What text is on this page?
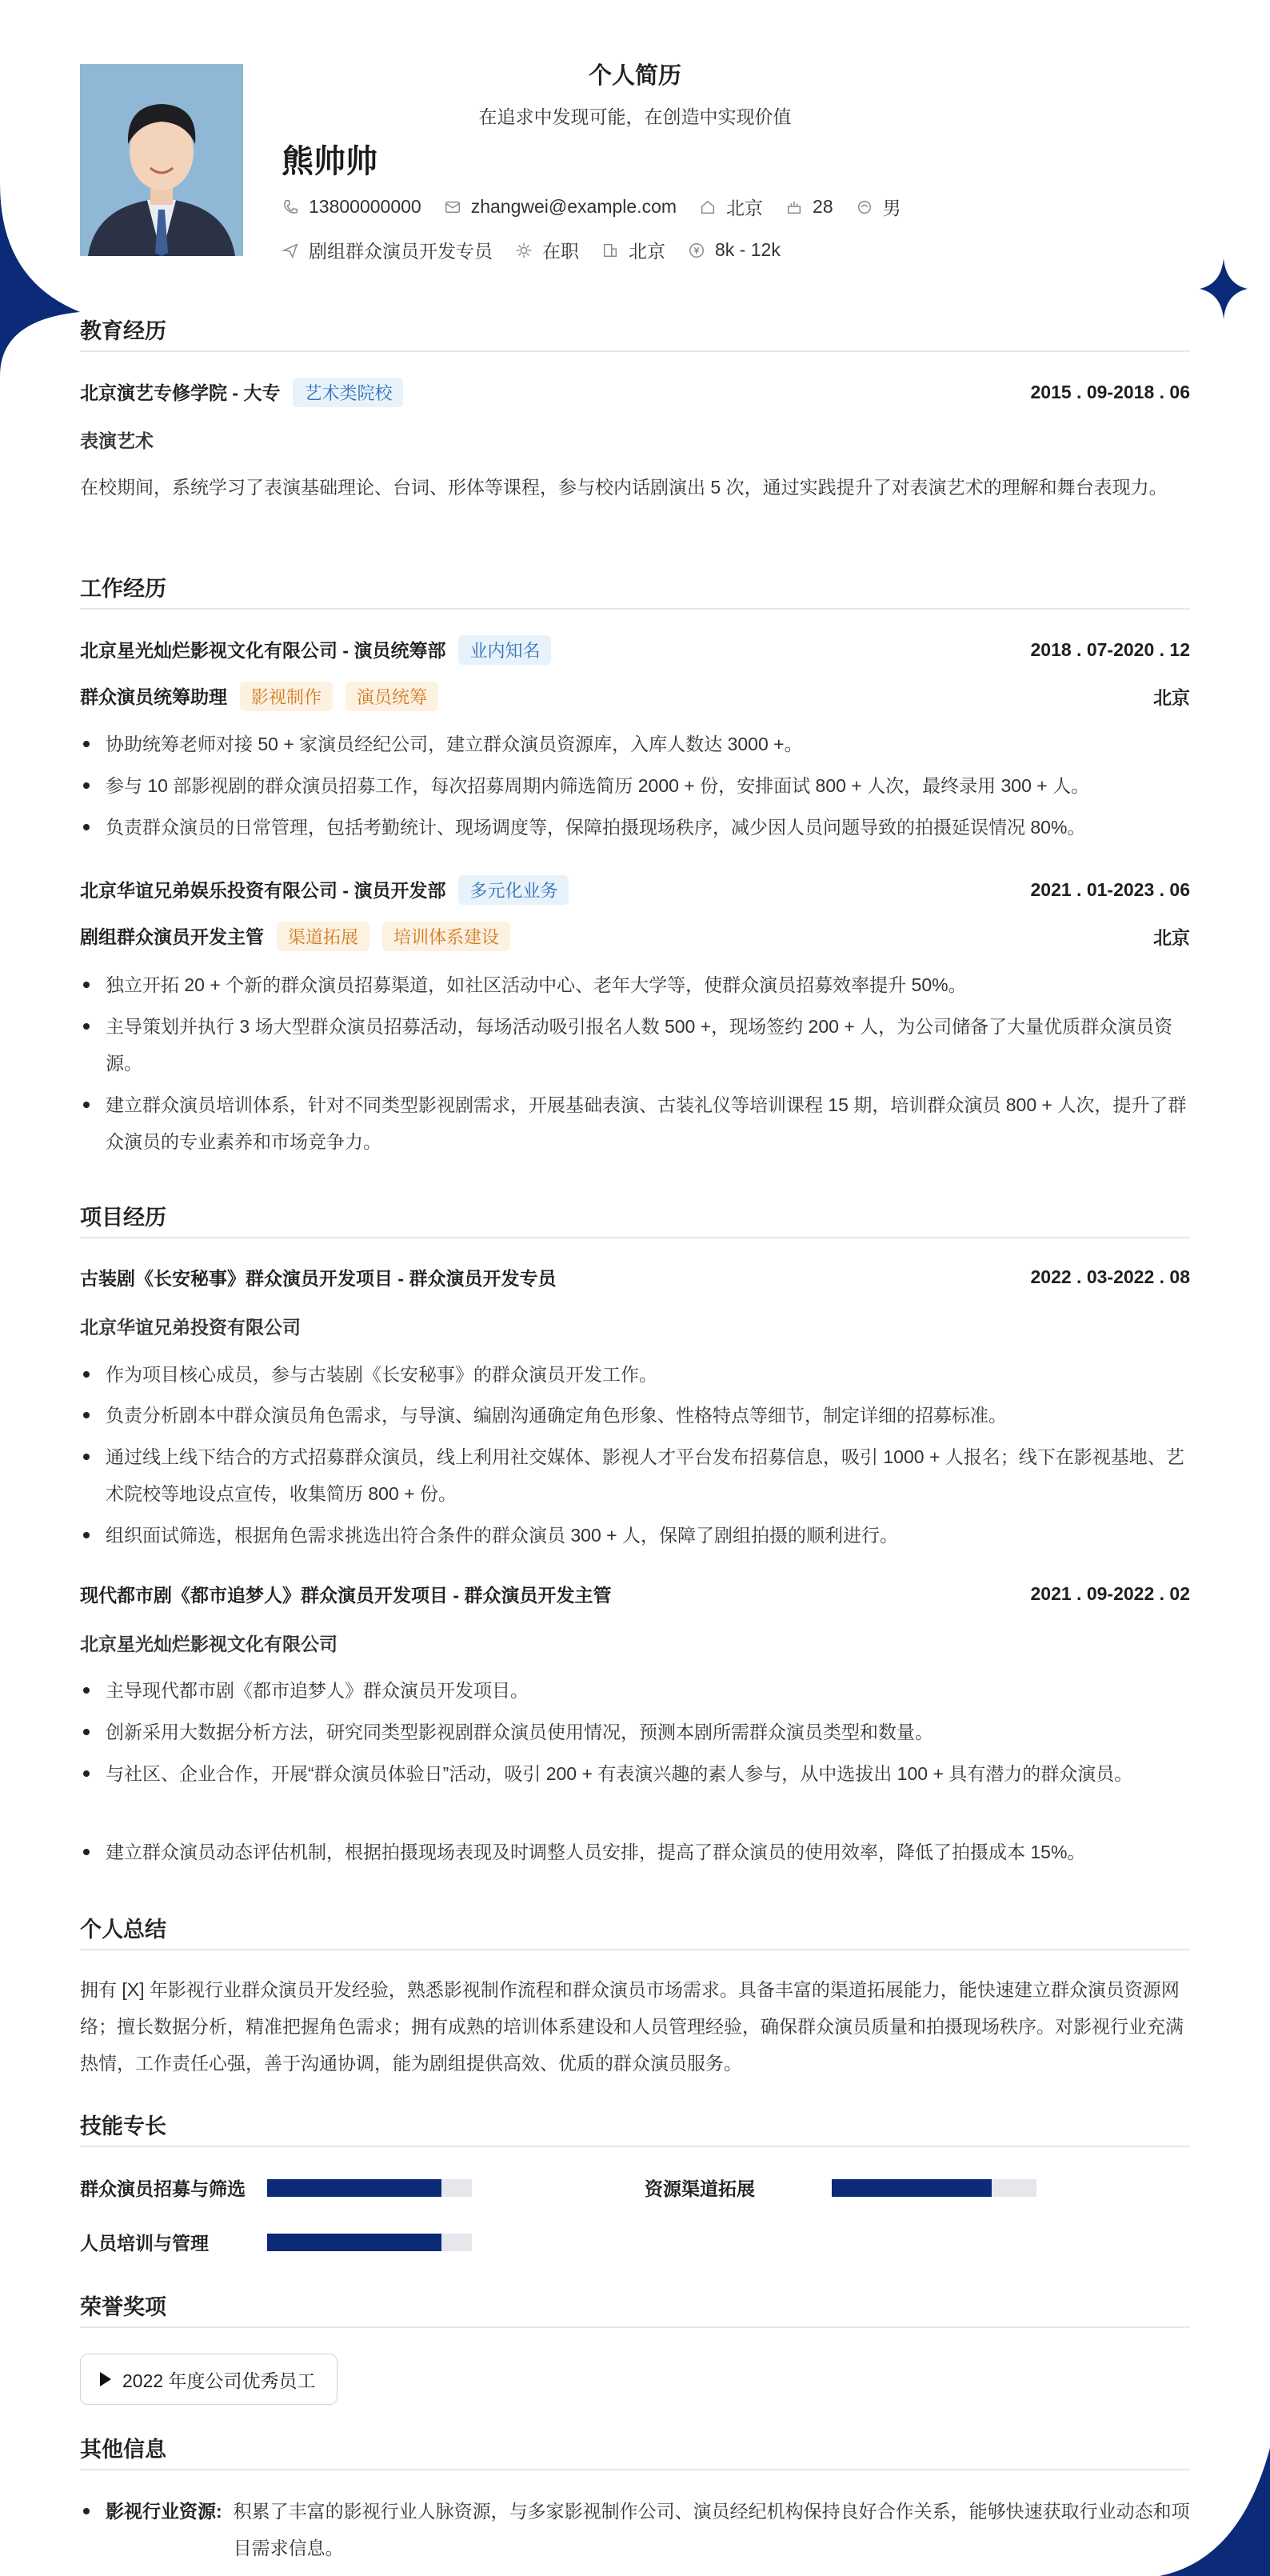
个人简历
在追求中发现可能，在创造中实现价值
熊帅帅
13800000000	zhangwei@example.com	北京	28	男
剧组群众演员开发专员	在职	北京	8k - 12k
教育经历
北京演艺专修学院 - 大专 艺术类院校	2015 . 09-2018 . 06
表演艺术
在校期间，系统学习了表演基础理论、台词、形体等课程，参与校内话剧演出 5 次，通过实践提升了对表演艺术的理解和舞台表现力。
工作经历
北京星光灿烂影视文化有限公司 - 演员统筹部 业内知名	2018 . 07-2020 . 12
群众演员统筹助理 影视制作 演员统筹	北京
协助统筹老师对接 50 + 家演员经纪公司，建立群众演员资源库，入库人数达 3000 +。
参与 10 部影视剧的群众演员招募工作，每次招募周期内筛选简历 2000 + 份，安排面试 800 + 人次，最终录用 300 + 人。
负责群众演员的日常管理，包括考勤统计、现场调度等，保障拍摄现场秩序，减少因人员问题导致的拍摄延误情况 80%。
北京华谊兄弟娱乐投资有限公司 - 演员开发部 多元化业务	2021 . 01-2023 . 06
剧组群众演员开发主管 渠道拓展 培训体系建设	北京
独立开拓 20 + 个新的群众演员招募渠道，如社区活动中心、老年大学等，使群众演员招募效率提升 50%。
主导策划并执行 3 场大型群众演员招募活动，每场活动吸引报名人数 500 +，现场签约 200 + 人，为公司储备了大量优质群众演员资源。
建立群众演员培训体系，针对不同类型影视剧需求，开展基础表演、古装礼仪等培训课程 15 期，培训群众演员 800 + 人次，提升了群众演员的专业素养和市场竞争力。
项目经历
古装剧《长安秘事》群众演员开发项目 - 群众演员开发专员	2022 . 03-2022 . 08
北京华谊兄弟投资有限公司
作为项目核心成员，参与古装剧《长安秘事》的群众演员开发工作。
负责分析剧本中群众演员角色需求，与导演、编剧沟通确定角色形象、性格特点等细节，制定详细的招募标准。
通过线上线下结合的方式招募群众演员，线上利用社交媒体、影视人才平台发布招募信息，吸引 1000 + 人报名；线下在影视基地、艺术院校等地设点宣传，收集简历 800 + 份。
组织面试筛选，根据角色需求挑选出符合条件的群众演员 300 + 人，保障了剧组拍摄的顺利进行。
现代都市剧《都市追梦人》群众演员开发项目 - 群众演员开发主管	2021 . 09-2022 . 02
北京星光灿烂影视文化有限公司
主导现代都市剧《都市追梦人》群众演员开发项目。
创新采用大数据分析方法，研究同类型影视剧群众演员使用情况，预测本剧所需群众演员类型和数量。
与社区、企业合作，开展“群众演员体验日”活动，吸引 200 + 有表演兴趣的素人参与，从中选拔出 100 + 具有潜力的群众演员。
建立群众演员动态评估机制，根据拍摄现场表现及时调整人员安排，提高了群众演员的使用效率，降低了拍摄成本 15%。
个人总结
拥有 [X] 年影视行业群众演员开发经验，熟悉影视制作流程和群众演员市场需求。具备丰富的渠道拓展能力，能快速建立群众演员资源网络；擅长数据分析，精准把握角色需求；拥有成熟的培训体系建设和人员管理经验，确保群众演员质量和拍摄现场秩序。对影视行业充满热情，工作责任心强，善于沟通协调，能为剧组提供高效、优质的群众演员服务。
技能专长
群众演员招募与筛选	资源渠道拓展
人员培训与管理
荣誉奖项
2022 年度公司优秀员工
其他信息
影视行业资源: 积累了丰富的影视行业人脉资源，与多家影视制作公司、演员经纪机构保持良好合作关系，能够快速获取行业动态和项目需求信息。
